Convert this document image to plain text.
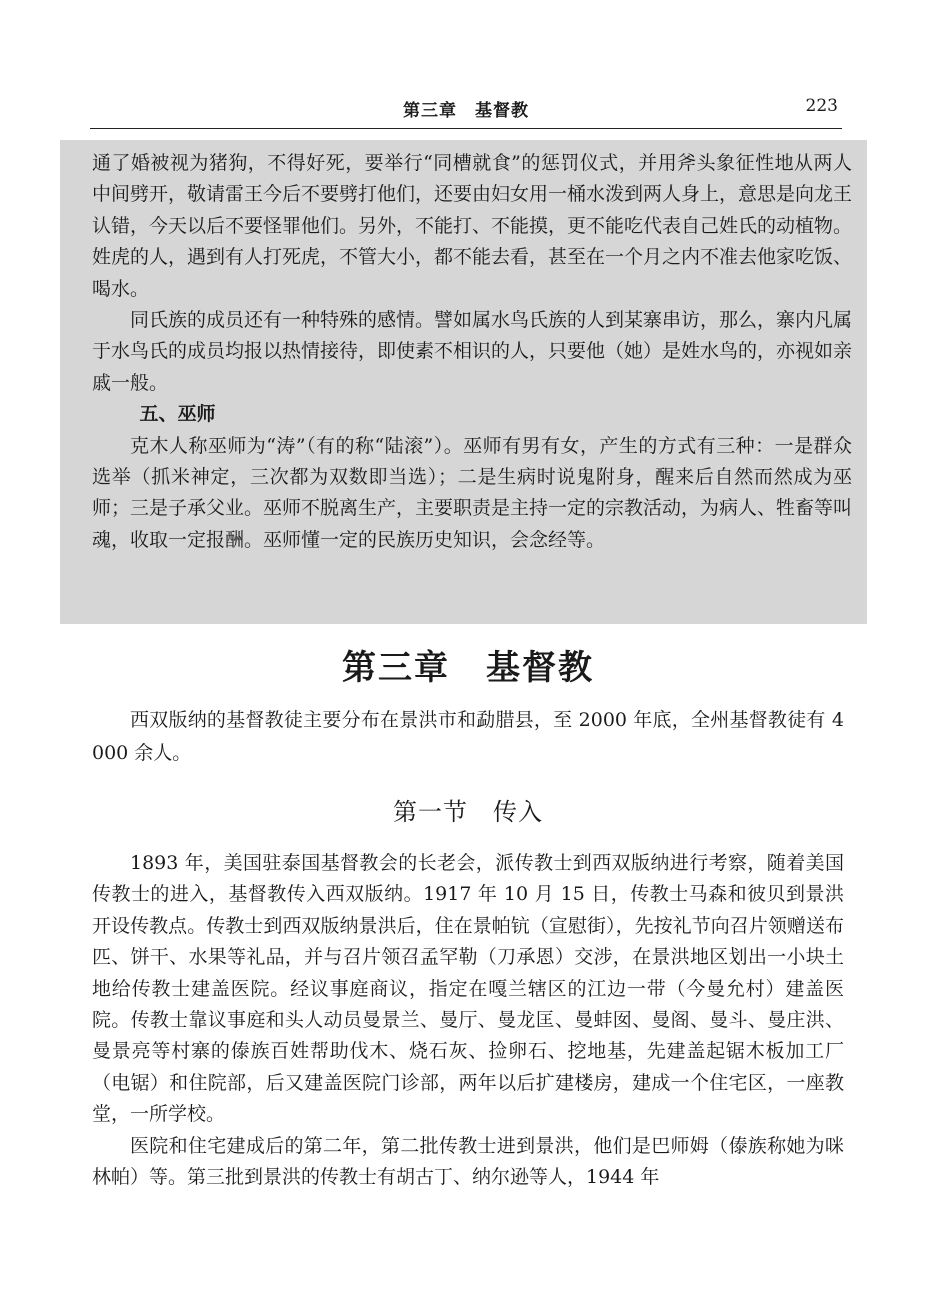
第三章　基督教	223

通了婚被视为猪狗，不得好死，要举行“同槽就食”的惩罚仪式，并用斧头象征性地从两人中间劈开，敬请雷王今后不要劈打他们，还要由妇女用一桶水泼到两人身上，意思是向龙王认错，今天以后不要怪罪他们。另外，不能打、不能摸，更不能吃代表自己姓氏的动植物。姓虎的人，遇到有人打死虎，不管大小，都不能去看，甚至在一个月之内不准去他家吃饭、喝水。

同氏族的成员还有一种特殊的感情。譬如属水鸟氏族的人到某寨串访，那么，寨内凡属于水鸟氏的成员均报以热情接待，即使素不相识的人，只要他（她）是姓水鸟的，亦视如亲戚一般。

五、巫师

克木人称巫师为“涛”（有的称“陆滚”）。巫师有男有女，产生的方式有三种：一是群众选举（抓米神定，三次都为双数即当选）；二是生病时说鬼附身，醒来后自然而然成为巫师；三是子承父业。巫师不脱离生产，主要职责是主持一定的宗教活动，为病人、牲畜等叫魂，收取一定报酬。巫师懂一定的民族历史知识，会念经等。

第三章　基督教

西双版纳的基督教徒主要分布在景洪市和勐腊县，至 2000 年底，全州基督教徒有 4 000 余人。

第一节　传入

1893 年，美国驻泰国基督教会的长老会，派传教士到西双版纳进行考察，随着美国传教士的进入，基督教传入西双版纳。1917 年 10 月 15 日，传教士马森和彼贝到景洪开设传教点。传教士到西双版纳景洪后，住在景帕钪（宣慰街），先按礼节向召片领赠送布匹、饼干、水果等礼品，并与召片领召孟罕勒（刀承恩）交涉，在景洪地区划出一小块土地给传教士建盖医院。经议事庭商议，指定在嘎兰辖区的江边一带（今曼允村）建盖医院。传教士靠议事庭和头人动员曼景兰、曼厅、曼龙匡、曼蚌囡、曼阁、曼斗、曼庄洪、曼景亮等村寨的傣族百姓帮助伐木、烧石灰、捡卵石、挖地基，先建盖起锯木板加工厂（电锯）和住院部，后又建盖医院门诊部，两年以后扩建楼房，建成一个住宅区，一座教堂，一所学校。

医院和住宅建成后的第二年，第二批传教士进到景洪，他们是巴师姆（傣族称她为咪林帕）等。第三批到景洪的传教士有胡古丁、纳尔逊等人，1944 年
